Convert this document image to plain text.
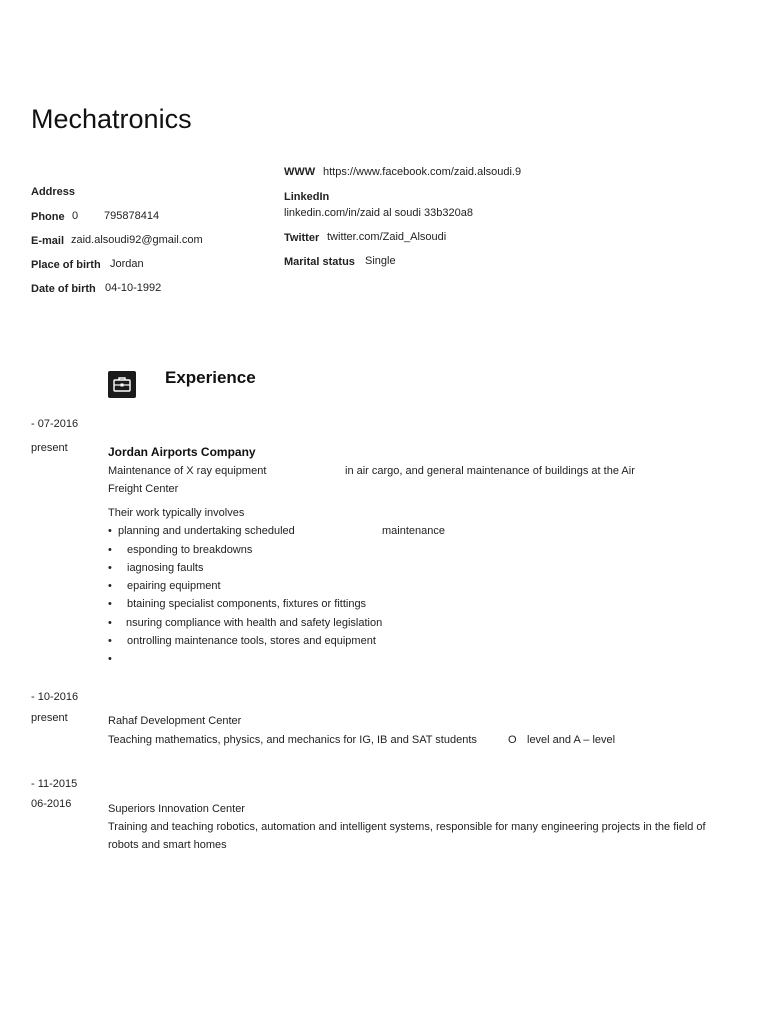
Mechatronics
Address
Phone 0 795878414
E-mail zaid.alsoudi92@gmail.com
Place of birth Jordan
Date of birth 04-10-1992
WWW https://www.facebook.com/zaid.alsoudi.9
LinkedIn
linkedin.com/in/zaid al soudi 33b320a8
Twitter twitter.com/Zaid_Alsoudi
Marital status Single
Experience
- 07-2016
present	Jordan Airports Company
Maintenance of X ray equipment	in air cargo, and general maintenance of buildings at the Air
Freight Center
Their work typically involves
• planning and undertaking scheduled	maintenance
• esponding to breakdowns
• iagnosing faults
• epairing equipment
• btaining specialist components, fixtures or fittings
• nsuring compliance with health and safety legislation
• ontrolling maintenance tools, stores and equipment
•
- 10-2016
present	Rahaf Development Center
Teaching mathematics, physics, and mechanics for IG, IB and SAT students	O level and A – level
- 11-2015
06-2016	Superiors Innovation Center
Training and teaching robotics, automation and intelligent systems, responsible for many engineering projects in the field of robots and smart homes
